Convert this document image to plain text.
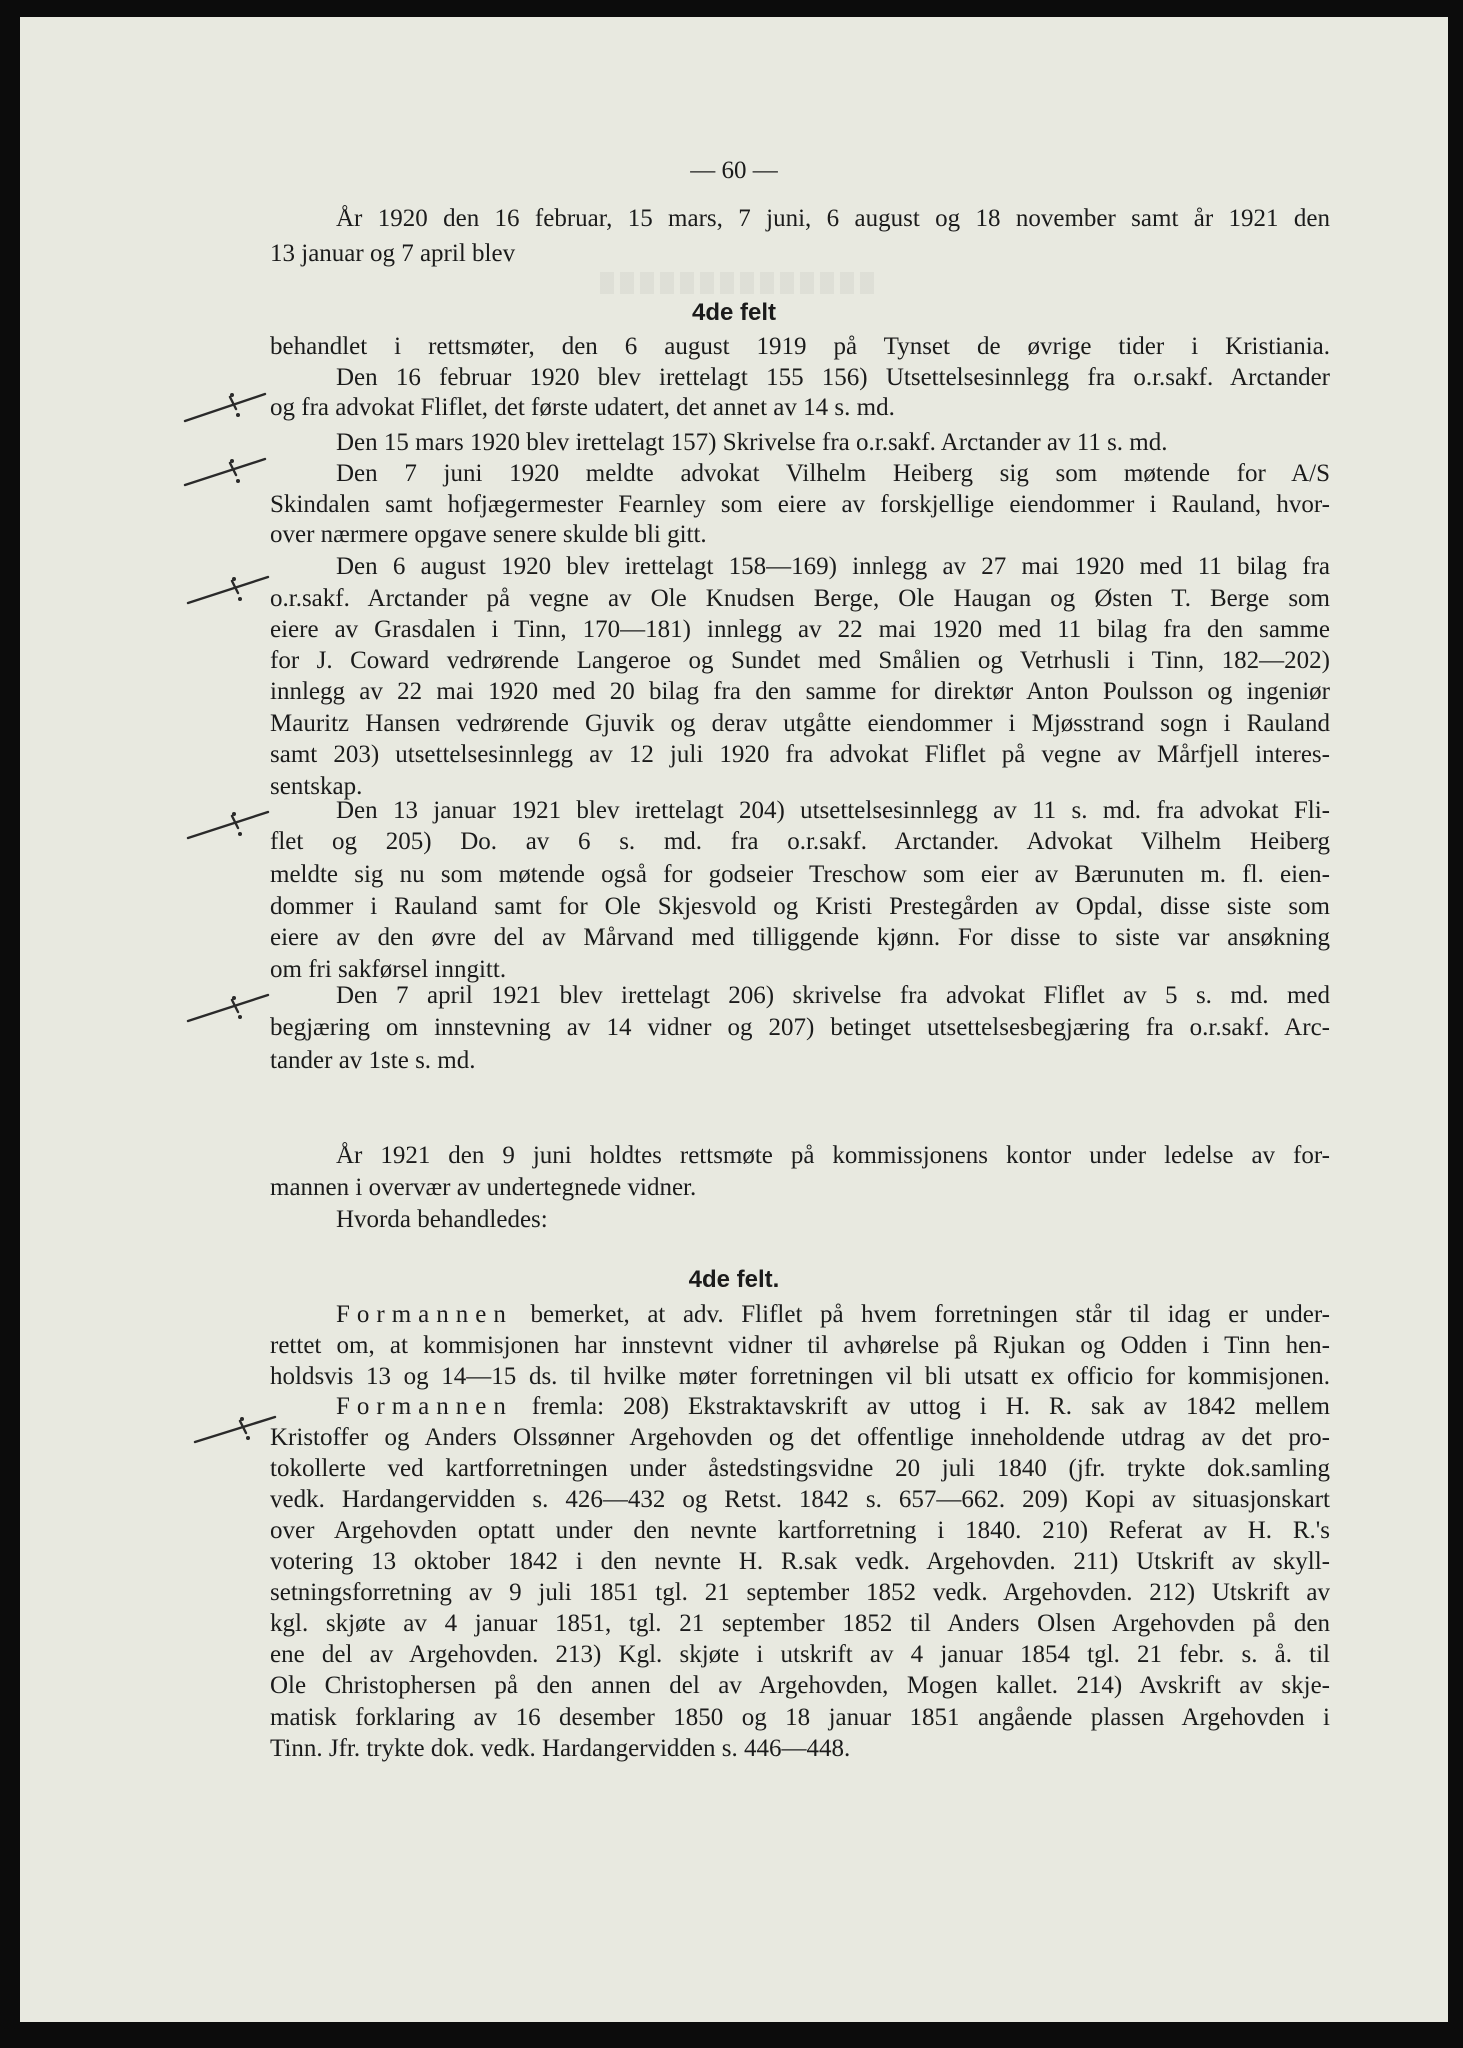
— 60 —
År 1920 den 16 februar, 15 mars, 7 juni, 6 august og 18 november samt år 1921 den
13 januar og 7 april blev
4de felt
behandlet i rettsmøter, den 6 august 1919 på Tynset de øvrige tider i Kristiania.
Den 16 februar 1920 blev irettelagt 155 156) Utsettelsesinnlegg fra o.r.sakf. Arctander
og fra advokat Fliflet, det første udatert, det annet av 14 s. md.
Den 15 mars 1920 blev irettelagt 157) Skrivelse fra o.r.sakf. Arctander av 11 s. md.
Den 7 juni 1920 meldte advokat Vilhelm Heiberg sig som møtende for A/S
Skindalen samt hofjægermester Fearnley som eiere av forskjellige eiendommer i Rauland, hvor-
over nærmere opgave senere skulde bli gitt.
Den 6 august 1920 blev irettelagt 158—169) innlegg av 27 mai 1920 med 11 bilag fra
o.r.sakf. Arctander på vegne av Ole Knudsen Berge, Ole Haugan og Østen T. Berge som
eiere av Grasdalen i Tinn, 170—181) innlegg av 22 mai 1920 med 11 bilag fra den samme
for J. Coward vedrørende Langeroe og Sundet med Smålien og Vetrhusli i Tinn, 182—202)
innlegg av 22 mai 1920 med 20 bilag fra den samme for direktør Anton Poulsson og ingeniør
Mauritz Hansen vedrørende Gjuvik og derav utgåtte eiendommer i Mjøsstrand sogn i Rauland
samt 203) utsettelsesinnlegg av 12 juli 1920 fra advokat Fliflet på vegne av Mårfjell interes-
sentskap.
Den 13 januar 1921 blev irettelagt 204) utsettelsesinnlegg av 11 s. md. fra advokat Fli-
flet og 205) Do. av 6 s. md. fra o.r.sakf. Arctander. Advokat Vilhelm Heiberg
meldte sig nu som møtende også for godseier Treschow som eier av Bærunuten m. fl. eien-
dommer i Rauland samt for Ole Skjesvold og Kristi Prestegården av Opdal, disse siste som
eiere av den øvre del av Mårvand med tilliggende kjønn. For disse to siste var ansøkning
om fri sakførsel inngitt.
Den 7 april 1921 blev irettelagt 206) skrivelse fra advokat Fliflet av 5 s. md. med
begjæring om innstevning av 14 vidner og 207) betinget utsettelsesbegjæring fra o.r.sakf. Arc-
tander av 1ste s. md.
År 1921 den 9 juni holdtes rettsmøte på kommissjonens kontor under ledelse av for-
mannen i overvær av undertegnede vidner.
Hvorda behandledes:
4de felt.
Formannen bemerket, at adv. Fliflet på hvem forretningen står til idag er under-
rettet om, at kommisjonen har innstevnt vidner til avhørelse på Rjukan og Odden i Tinn hen-
holdsvis 13 og 14—15 ds. til hvilke møter forretningen vil bli utsatt ex officio for kommisjonen.
Formannen fremla: 208) Ekstraktavskrift av uttog i H. R. sak av 1842 mellem
Kristoffer og Anders Olssønner Argehovden og det offentlige inneholdende utdrag av det pro-
tokollerte ved kartforretningen under åstedstingsvidne 20 juli 1840 (jfr. trykte dok.samling
vedk. Hardangervidden s. 426—432 og Retst. 1842 s. 657—662. 209) Kopi av situasjonskart
over Argehovden optatt under den nevnte kartforretning i 1840. 210) Referat av H. R.'s
votering 13 oktober 1842 i den nevnte H. R.sak vedk. Argehovden. 211) Utskrift av skyll-
setningsforretning av 9 juli 1851 tgl. 21 september 1852 vedk. Argehovden. 212) Utskrift av
kgl. skjøte av 4 januar 1851, tgl. 21 september 1852 til Anders Olsen Argehovden på den
ene del av Argehovden. 213) Kgl. skjøte i utskrift av 4 januar 1854 tgl. 21 febr. s. å. til
Ole Christophersen på den annen del av Argehovden, Mogen kallet. 214) Avskrift av skje-
matisk forklaring av 16 desember 1850 og 18 januar 1851 angående plassen Argehovden i
Tinn. Jfr. trykte dok. vedk. Hardangervidden s. 446—448.
